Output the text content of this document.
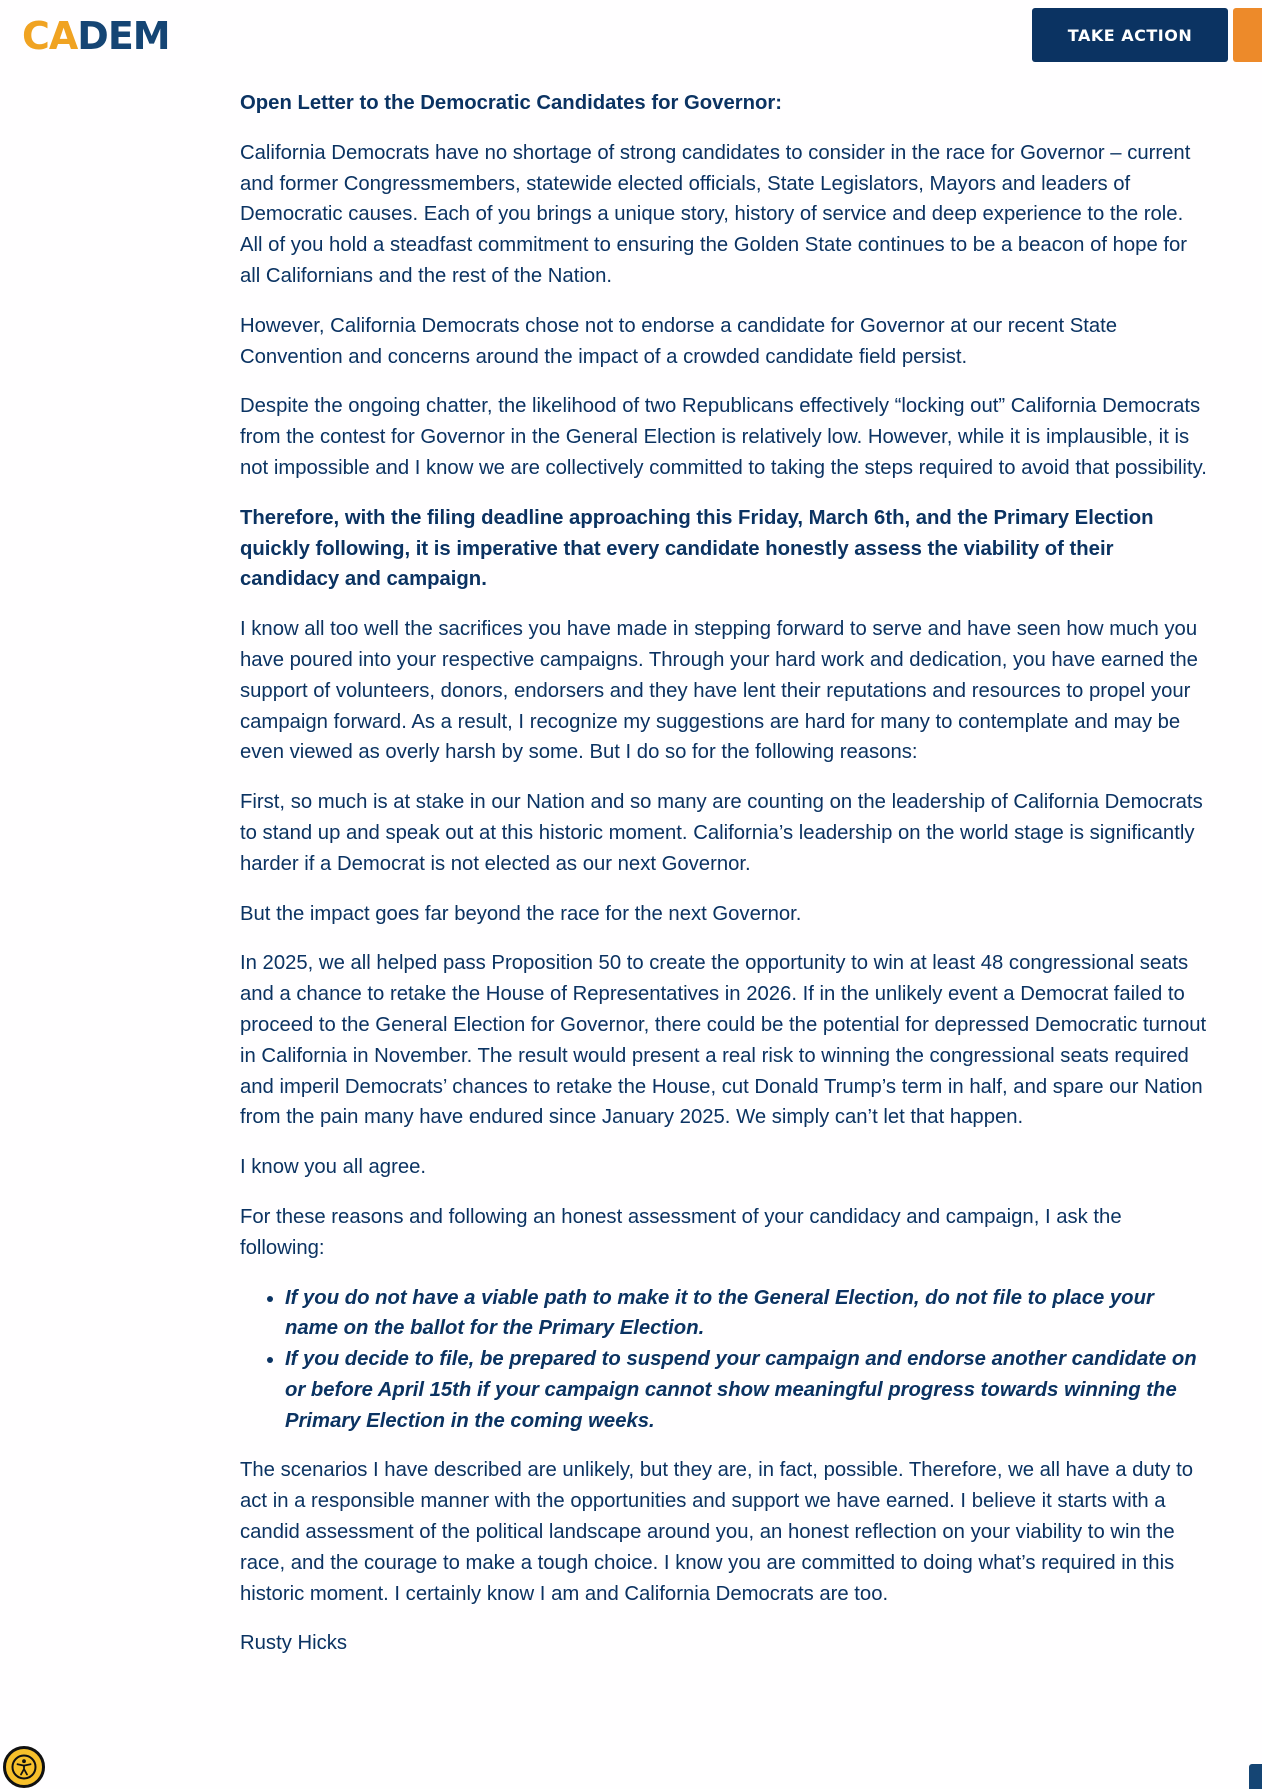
CADEM	TAKE ACTION

Open Letter to the Democratic Candidates for Governor:

California Democrats have no shortage of strong candidates to consider in the race for Governor – current and former Congressmembers, statewide elected officials, State Legislators, Mayors and leaders of Democratic causes. Each of you brings a unique story, history of service and deep experience to the role. All of you hold a steadfast commitment to ensuring the Golden State continues to be a beacon of hope for all Californians and the rest of the Nation.

However, California Democrats chose not to endorse a candidate for Governor at our recent State Convention and concerns around the impact of a crowded candidate field persist.

Despite the ongoing chatter, the likelihood of two Republicans effectively “locking out” California Democrats from the contest for Governor in the General Election is relatively low. However, while it is implausible, it is not impossible and I know we are collectively committed to taking the steps required to avoid that possibility.

Therefore, with the filing deadline approaching this Friday, March 6th, and the Primary Election quickly following, it is imperative that every candidate honestly assess the viability of their candidacy and campaign.

I know all too well the sacrifices you have made in stepping forward to serve and have seen how much you have poured into your respective campaigns. Through your hard work and dedication, you have earned the support of volunteers, donors, endorsers and they have lent their reputations and resources to propel your campaign forward. As a result, I recognize my suggestions are hard for many to contemplate and may be even viewed as overly harsh by some. But I do so for the following reasons:

First, so much is at stake in our Nation and so many are counting on the leadership of California Democrats to stand up and speak out at this historic moment. California’s leadership on the world stage is significantly harder if a Democrat is not elected as our next Governor.

But the impact goes far beyond the race for the next Governor.

In 2025, we all helped pass Proposition 50 to create the opportunity to win at least 48 congressional seats and a chance to retake the House of Representatives in 2026. If in the unlikely event a Democrat failed to proceed to the General Election for Governor, there could be the potential for depressed Democratic turnout in California in November. The result would present a real risk to winning the congressional seats required and imperil Democrats’ chances to retake the House, cut Donald Trump’s term in half, and spare our Nation from the pain many have endured since January 2025. We simply can’t let that happen.

I know you all agree.

For these reasons and following an honest assessment of your candidacy and campaign, I ask the following:

• If you do not have a viable path to make it to the General Election, do not file to place your name on the ballot for the Primary Election.
• If you decide to file, be prepared to suspend your campaign and endorse another candidate on or before April 15th if your campaign cannot show meaningful progress towards winning the Primary Election in the coming weeks.

The scenarios I have described are unlikely, but they are, in fact, possible. Therefore, we all have a duty to act in a responsible manner with the opportunities and support we have earned. I believe it starts with a candid assessment of the political landscape around you, an honest reflection on your viability to win the race, and the courage to make a tough choice. I know you are committed to doing what’s required in this historic moment. I certainly know I am and California Democrats are too.

Rusty Hicks
